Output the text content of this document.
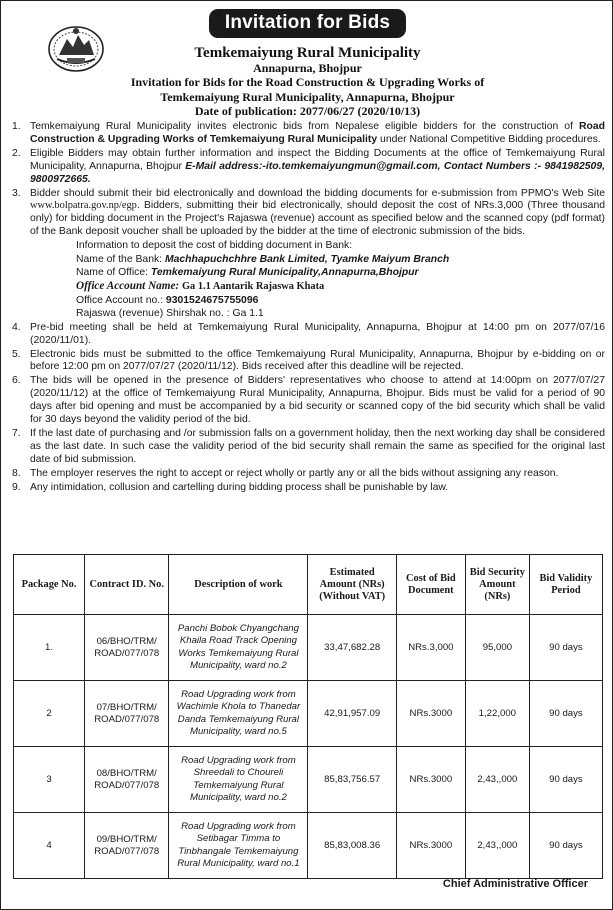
Invitation for Bids
Temkemaiyung Rural Municipality
Annapurna, Bhojpur
Invitation for Bids for the Road Construction & Upgrading Works of
Temkemaiyung Rural Municipality, Annapurna, Bhojpur
Date of publication: 2077/06/27 (2020/10/13)
1. Temkemaiyung Rural Municipality invites electronic bids from Nepalese eligible bidders for the construction of Road Construction & Upgrading Works of Temkemaiyung Rural Municipality under National Competitive Bidding procedures.
2. Eligible Bidders may obtain further information and inspect the Bidding Documents at the office of Temkemaiyung Rural Municipality, Annapurna, Bhojpur E-Mail address:-ito.temkemaiyungmun@gmail.com, Contact Numbers :- 9841982509, 9800972665.
3. Bidder should submit their bid electronically and download the bidding documents for e-submission from PPMO's Web Site www.bolpatra.gov.np/egp. Bidders, submitting their bid electronically, should deposit the cost of NRs.3,000 (Three thousand only) for bidding document in the Project's Rajaswa (revenue) account as specified below and the scanned copy (pdf format) of the Bank deposit voucher shall be uploaded by the bidder at the time of electronic submission of the bids.
Information to deposit the cost of bidding document in Bank:
Name of the Bank: Machhapuchchhre Bank Limited, Tyamke Maiyum Branch
Name of Office: Temkemaiyung Rural Municipality,Annapurna,Bhojpur
Office Account Name: Ga 1.1 Aantarik Rajaswa Khata
Office Account no.: 9301524675755096
Rajaswa (revenue) Shirshak no. : Ga 1.1
4. Pre-bid meeting shall be held at Temkemaiyung Rural Municipality, Annapurna, Bhojpur at 14:00 pm on 2077/07/16 (2020/11/01).
5. Electronic bids must be submitted to the office Temkemaiyung Rural Municipality, Annapurna, Bhojpur by e-bidding on or before 12:00 pm on 2077/07/27 (2020/11/12). Bids received after this deadline will be rejected.
6. The bids will be opened in the presence of Bidders' representatives who choose to attend at 14:00pm on 2077/07/27 (2020/11/12) at the office of Temkemaiyung Rural Municipality, Annapurna, Bhojpur. Bids must be valid for a period of 90 days after bid opening and must be accompanied by a bid security or scanned copy of the bid security which shall be valid for 30 days beyond the validity period of the bid.
7. If the last date of purchasing and /or submission falls on a government holiday, then the next working day shall be considered as the last date. In such case the validity period of the bid security shall remain the same as specified for the original last date of bid submission.
8. The employer reserves the right to accept or reject wholly or partly any or all the bids without assigning any reason.
9. Any intimidation, collusion and cartelling during bidding process shall be punishable by law.
Package No.	Contract ID. No.	Description of work	Estimated Amount (NRs) (Without VAT)	Cost of Bid Document	Bid Security Amount (NRs)	Bid Validity Period
1.	06/BHO/TRM/ ROAD/077/078	Panchi Bobok Chyangchang Khaila Road Track Opening Works Temkemaiyung Rural Municipality, ward no.2	33,47,682.28	NRs.3,000	95,000	90 days
2	07/BHO/TRM/ ROAD/077/078	Road Upgrading work from Wachimle Khola to Thanedar Danda Temkemaiyung Rural Municipality, ward no.5	42,91,957.09	NRs.3000	1,22,000	90 days
3	08/BHO/TRM/ ROAD/077/078	Road Upgrading work from Shreedali to Choureli Temkemaiyung Rural Municipality, ward no.2	85,83,756.57	NRs.3000	2,43,,000	90 days
4	09/BHO/TRM/ ROAD/077/078	Road Upgrading work from Setibagar Timma to Tinbhangale Temkemaiyung Rural Municipality, ward no.1	85,83,008.36	NRs.3000	2,43,,000	90 days
Chief Administrative Officer
